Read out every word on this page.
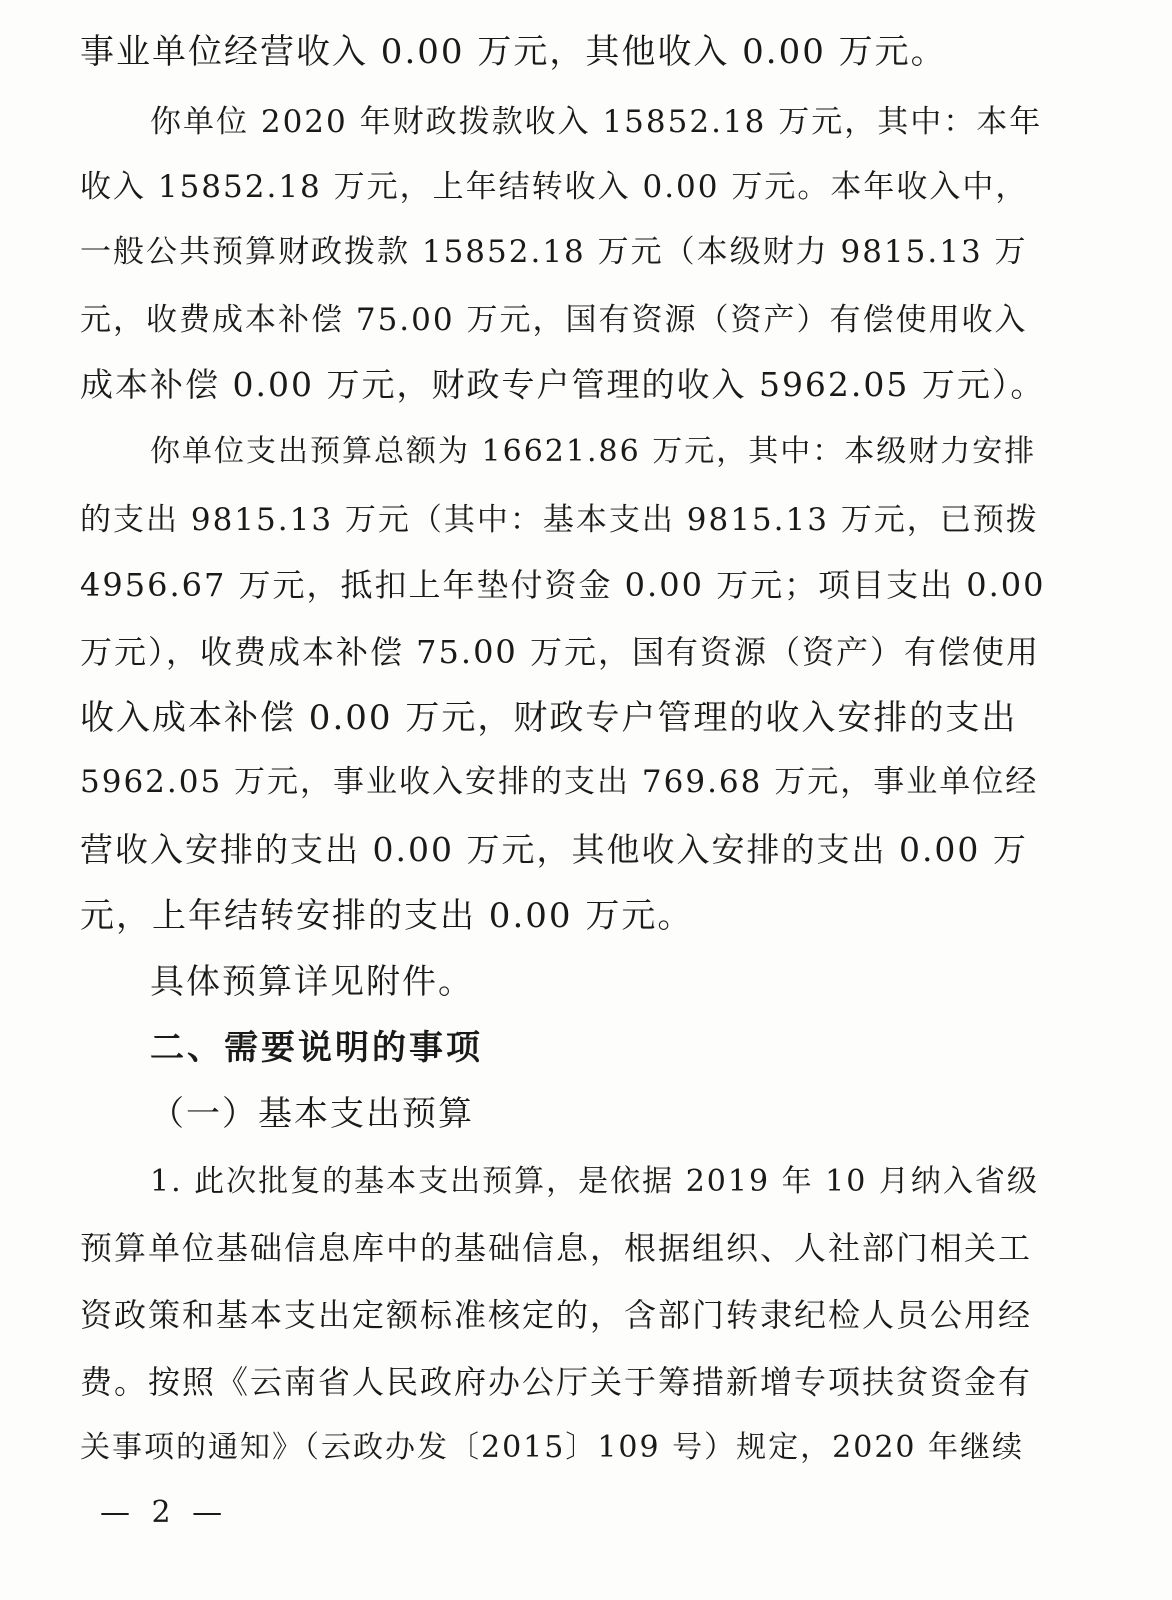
事业单位经营收入 0.00 万元，其他收入 0.00 万元。
你单位 2020 年财政拨款收入 15852.18 万元，其中：本年
收入 15852.18 万元，上年结转收入 0.00 万元。本年收入中，
一般公共预算财政拨款 15852.18 万元（本级财力 9815.13 万
元，收费成本补偿 75.00 万元，国有资源（资产）有偿使用收入
成本补偿 0.00 万元，财政专户管理的收入 5962.05 万元）。
你单位支出预算总额为 16621.86 万元，其中：本级财力安排
的支出 9815.13 万元（其中：基本支出 9815.13 万元，已预拨
4956.67 万元，抵扣上年垫付资金 0.00 万元；项目支出 0.00
万元），收费成本补偿 75.00 万元，国有资源（资产）有偿使用
收入成本补偿 0.00 万元，财政专户管理的收入安排的支出
5962.05 万元，事业收入安排的支出 769.68 万元，事业单位经
营收入安排的支出 0.00 万元，其他收入安排的支出 0.00 万
元，上年结转安排的支出 0.00 万元。
具体预算详见附件。
二、需要说明的事项
（一）基本支出预算
1. 此次批复的基本支出预算，是依据 2019 年 10 月纳入省级
预算单位基础信息库中的基础信息，根据组织、人社部门相关工
资政策和基本支出定额标准核定的，含部门转隶纪检人员公用经
费。按照《云南省人民政府办公厅关于筹措新增专项扶贫资金有
关事项的通知》（云政办发〔2015〕109 号）规定，2020 年继续
— 2 —
